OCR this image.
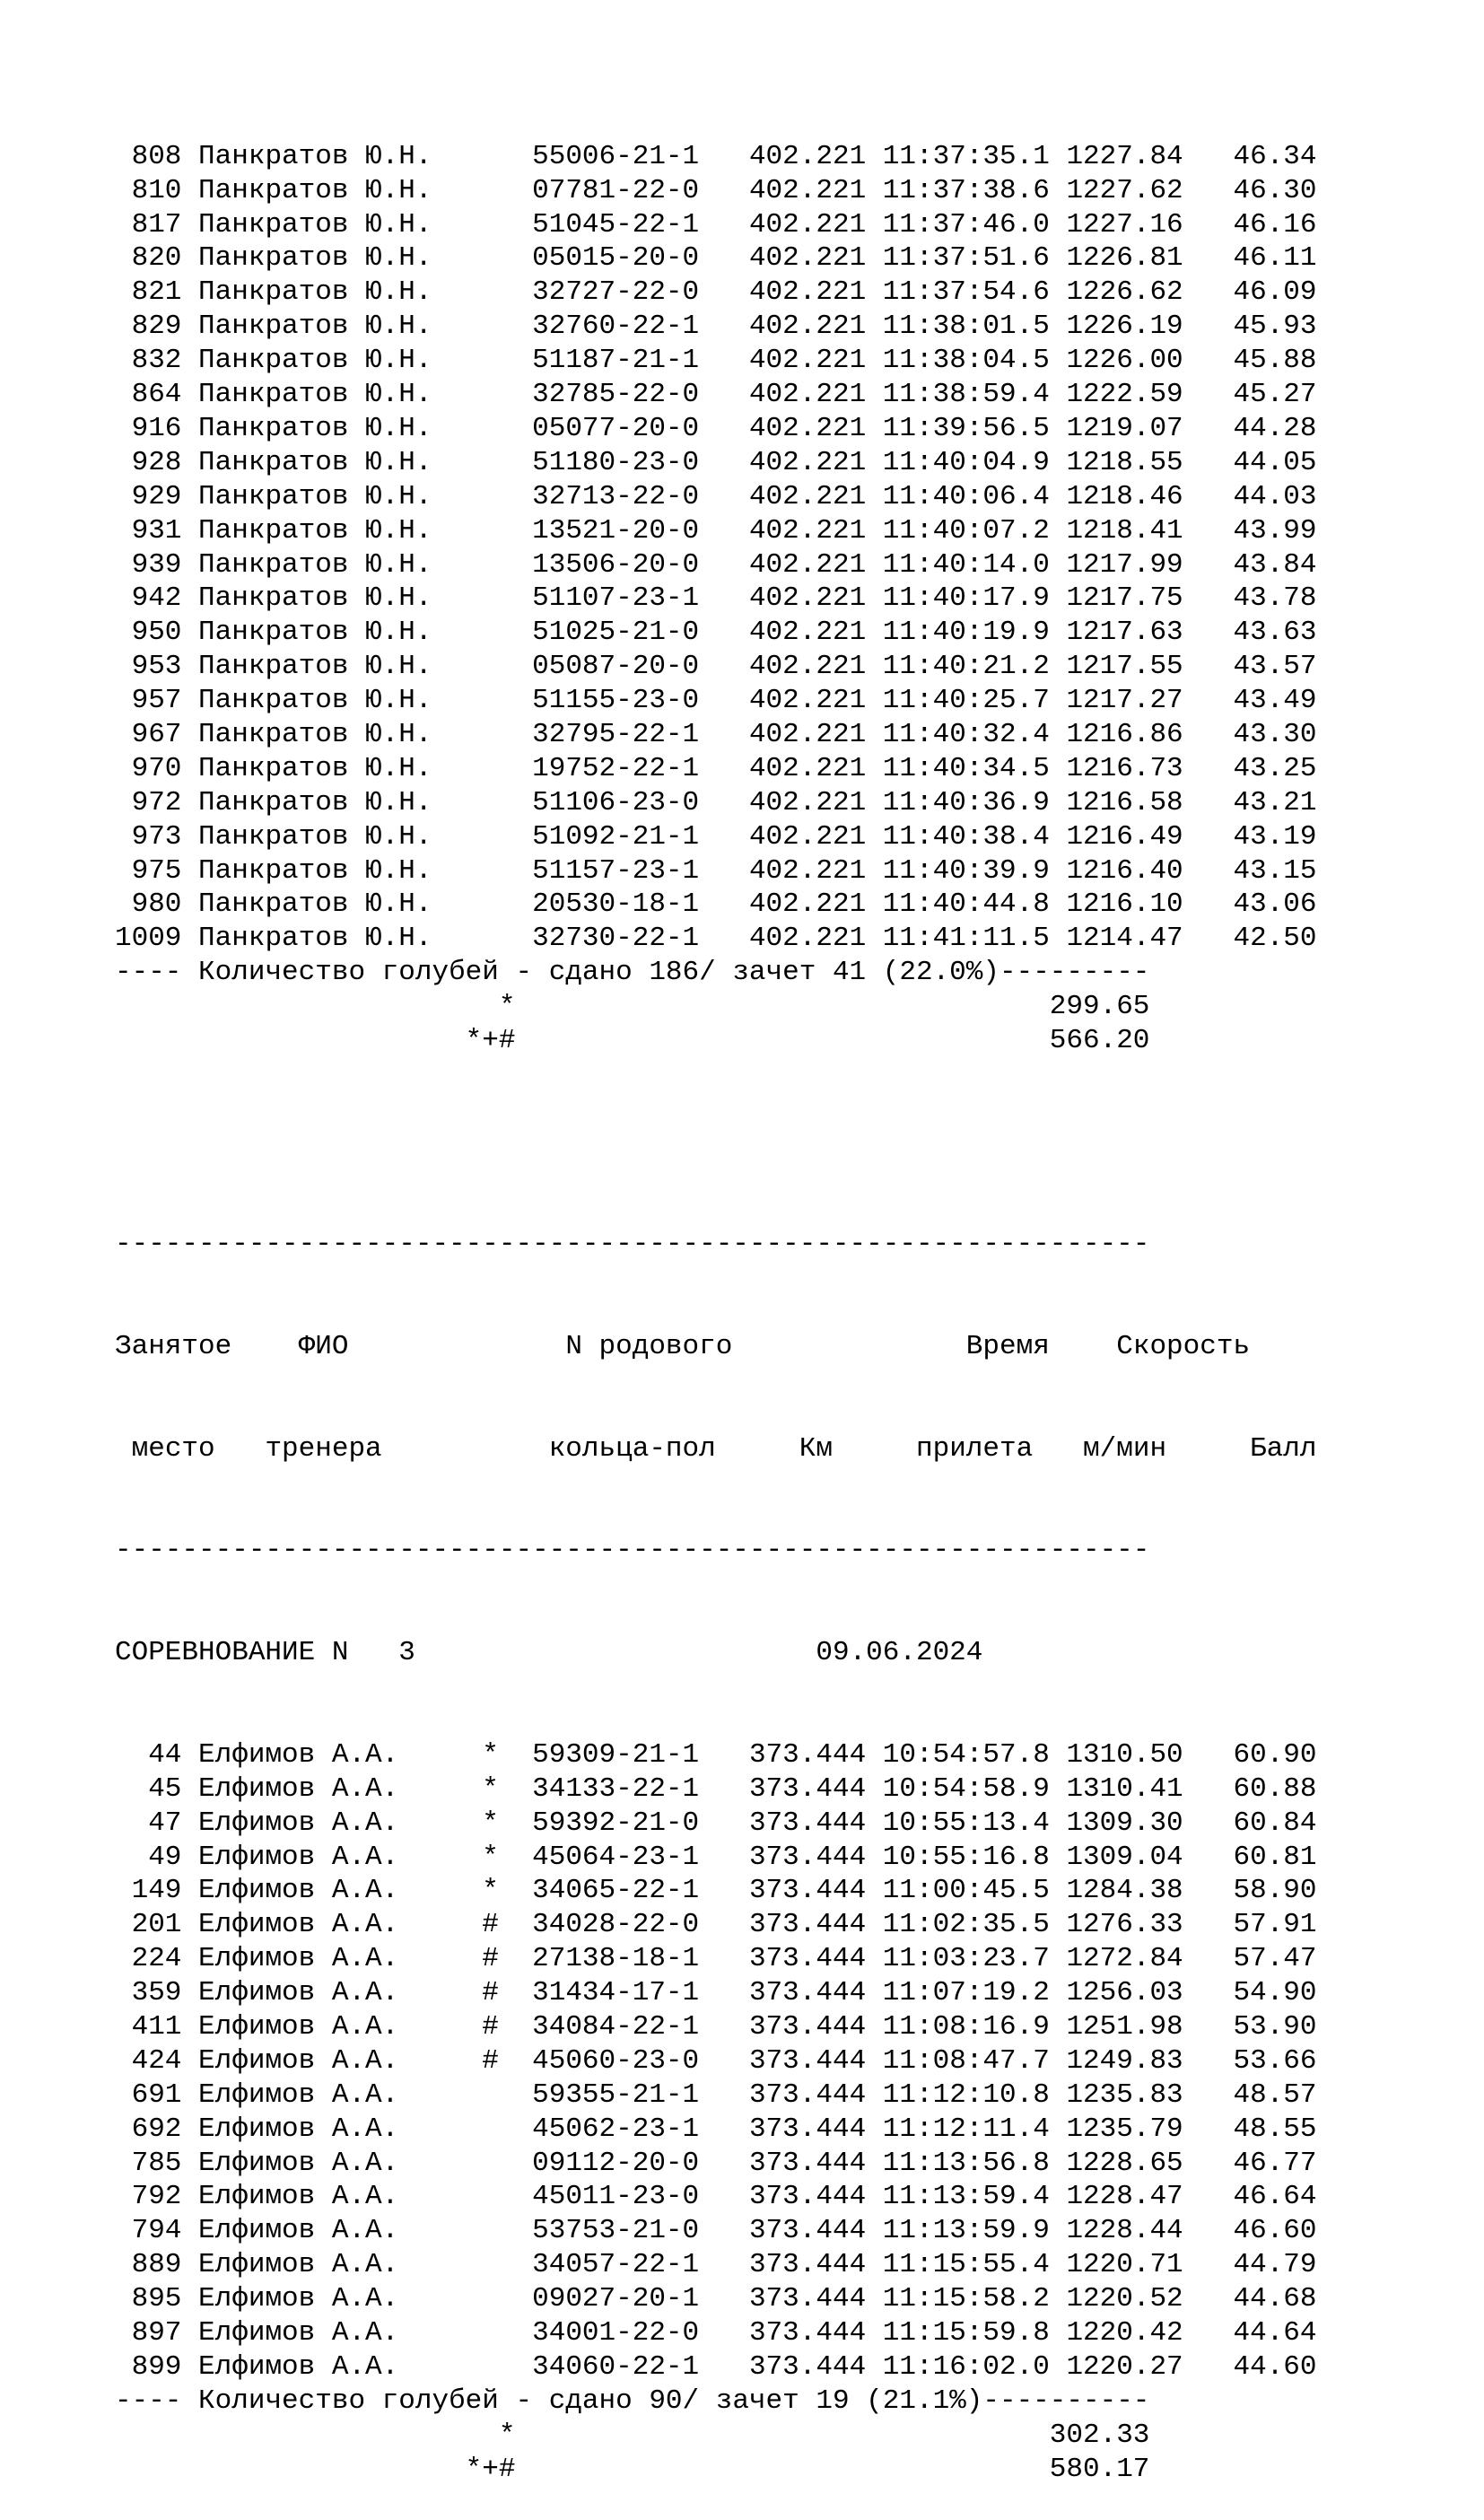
808 Панкратов Ю.Н.      55006-21-1   402.221 11:37:35.1 1227.84   46.34
810 Панкратов Ю.Н.      07781-22-0   402.221 11:37:38.6 1227.62   46.30
817 Панкратов Ю.Н.      51045-22-1   402.221 11:37:46.0 1227.16   46.16
820 Панкратов Ю.Н.      05015-20-0   402.221 11:37:51.6 1226.81   46.11
821 Панкратов Ю.Н.      32727-22-0   402.221 11:37:54.6 1226.62   46.09
829 Панкратов Ю.Н.      32760-22-1   402.221 11:38:01.5 1226.19   45.93
832 Панкратов Ю.Н.      51187-21-1   402.221 11:38:04.5 1226.00   45.88
864 Панкратов Ю.Н.      32785-22-0   402.221 11:38:59.4 1222.59   45.27
916 Панкратов Ю.Н.      05077-20-0   402.221 11:39:56.5 1219.07   44.28
928 Панкратов Ю.Н.      51180-23-0   402.221 11:40:04.9 1218.55   44.05
929 Панкратов Ю.Н.      32713-22-0   402.221 11:40:06.4 1218.46   44.03
931 Панкратов Ю.Н.      13521-20-0   402.221 11:40:07.2 1218.41   43.99
939 Панкратов Ю.Н.      13506-20-0   402.221 11:40:14.0 1217.99   43.84
942 Панкратов Ю.Н.      51107-23-1   402.221 11:40:17.9 1217.75   43.78
950 Панкратов Ю.Н.      51025-21-0   402.221 11:40:19.9 1217.63   43.63
953 Панкратов Ю.Н.      05087-20-0   402.221 11:40:21.2 1217.55   43.57
957 Панкратов Ю.Н.      51155-23-0   402.221 11:40:25.7 1217.27   43.49
967 Панкратов Ю.Н.      32795-22-1   402.221 11:40:32.4 1216.86   43.30
970 Панкратов Ю.Н.      19752-22-1   402.221 11:40:34.5 1216.73   43.25
972 Панкратов Ю.Н.      51106-23-0   402.221 11:40:36.9 1216.58   43.21
973 Панкратов Ю.Н.      51092-21-1   402.221 11:40:38.4 1216.49   43.19
975 Панкратов Ю.Н.      51157-23-1   402.221 11:40:39.9 1216.40   43.15
980 Панкратов Ю.Н.      20530-18-1   402.221 11:40:44.8 1216.10   43.06
1009 Панкратов Ю.Н.      32730-22-1   402.221 11:41:11.5 1214.47   42.50
---- Количество голубей - сдано 186/ зачет 41 (22.0%)---------
*                                299.65
*+#                                566.20

--------------------------------------------------------------

Занятое ФИО	N родового	Время Скорость

место тренера	кольца-пол	Км	прилета м/мин	Балл

--------------------------------------------------------------

СОРЕВНОВАНИЕ N 3	09.06.2024

44 Елфимов А.А.     *  59309-21-1   373.444 10:54:57.8 1310.50   60.90
45 Елфимов А.А.     *  34133-22-1   373.444 10:54:58.9 1310.41   60.88
47 Елфимов А.А.     *  59392-21-0   373.444 10:55:13.4 1309.30   60.84
49 Елфимов А.А.     *  45064-23-1   373.444 10:55:16.8 1309.04   60.81
149 Елфимов А.А.     *  34065-22-1   373.444 11:00:45.5 1284.38   58.90
201 Елфимов А.А.     #  34028-22-0   373.444 11:02:35.5 1276.33   57.91
224 Елфимов А.А.     #  27138-18-1   373.444 11:03:23.7 1272.84   57.47
359 Елфимов А.А.     #  31434-17-1   373.444 11:07:19.2 1256.03   54.90
411 Елфимов А.А.     #  34084-22-1   373.444 11:08:16.9 1251.98   53.90
424 Елфимов А.А.     #  45060-23-0   373.444 11:08:47.7 1249.83   53.66
691 Елфимов А.А.        59355-21-1   373.444 11:12:10.8 1235.83   48.57
692 Елфимов А.А.        45062-23-1   373.444 11:12:11.4 1235.79   48.55
785 Елфимов А.А.        09112-20-0   373.444 11:13:56.8 1228.65   46.77
792 Елфимов А.А.        45011-23-0   373.444 11:13:59.4 1228.47   46.64
794 Елфимов А.А.        53753-21-0   373.444 11:13:59.9 1228.44   46.60
889 Елфимов А.А.        34057-22-1   373.444 11:15:55.4 1220.71   44.79
895 Елфимов А.А.        09027-20-1   373.444 11:15:58.2 1220.52   44.68
897 Елфимов А.А.        34001-22-0   373.444 11:15:59.8 1220.42   44.64
899 Елфимов А.А.        34060-22-1   373.444 11:16:02.0 1220.27   44.60
---- Количество голубей - сдано 90/ зачет 19 (21.1%)----------
*                                302.33
*+#                                580.17
